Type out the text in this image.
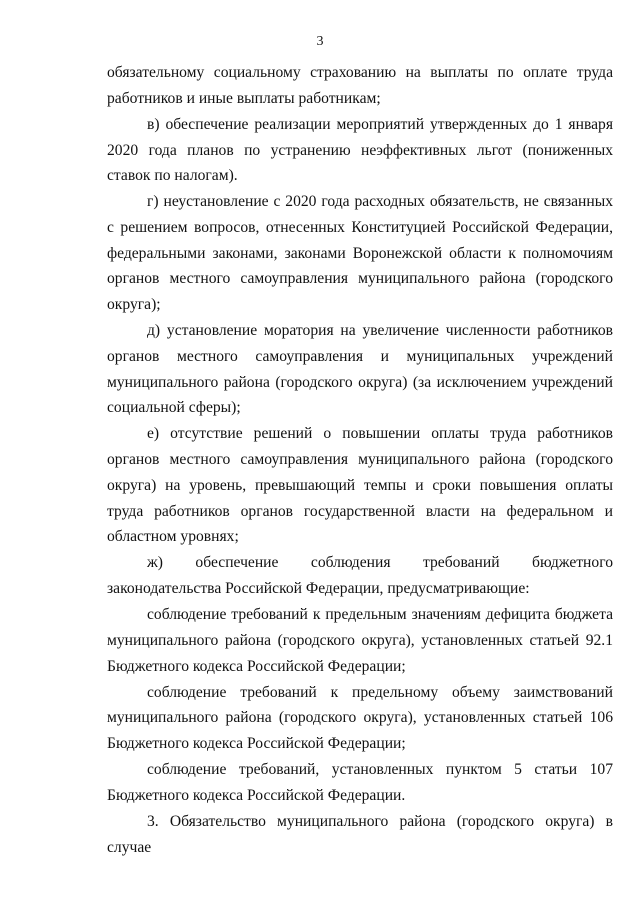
3

обязательному социальному страхованию на выплаты по оплате труда работников и иные выплаты работникам;

в) обеспечение реализации мероприятий утвержденных до 1 января 2020 года планов по устранению неэффективных льгот (пониженных ставок по налогам).

г) неустановление с 2020 года расходных обязательств, не связанных с решением вопросов, отнесенных Конституцией Российской Федерации, федеральными законами, законами Воронежской области к полномочиям органов местного самоуправления муниципального района (городского округа);

д) установление моратория на увеличение численности работников органов местного самоуправления и муниципальных учреждений муниципального района (городского округа) (за исключением учреждений социальной сферы);

е) отсутствие решений о повышении оплаты труда работников органов местного самоуправления муниципального района (городского округа) на уровень, превышающий темпы и сроки повышения оплаты труда работников органов государственной власти на федеральном и областном уровнях;

ж) обеспечение соблюдения требований бюджетного законодательства Российской Федерации, предусматривающие:

соблюдение требований к предельным значениям дефицита бюджета муниципального района (городского округа), установленных статьей 92.1 Бюджетного кодекса Российской Федерации;

соблюдение требований к предельному объему заимствований муниципального района (городского округа), установленных статьей 106 Бюджетного кодекса Российской Федерации;

соблюдение требований, установленных пунктом 5 статьи 107 Бюджетного кодекса Российской Федерации.

3. Обязательство муниципального района (городского округа) в случае
